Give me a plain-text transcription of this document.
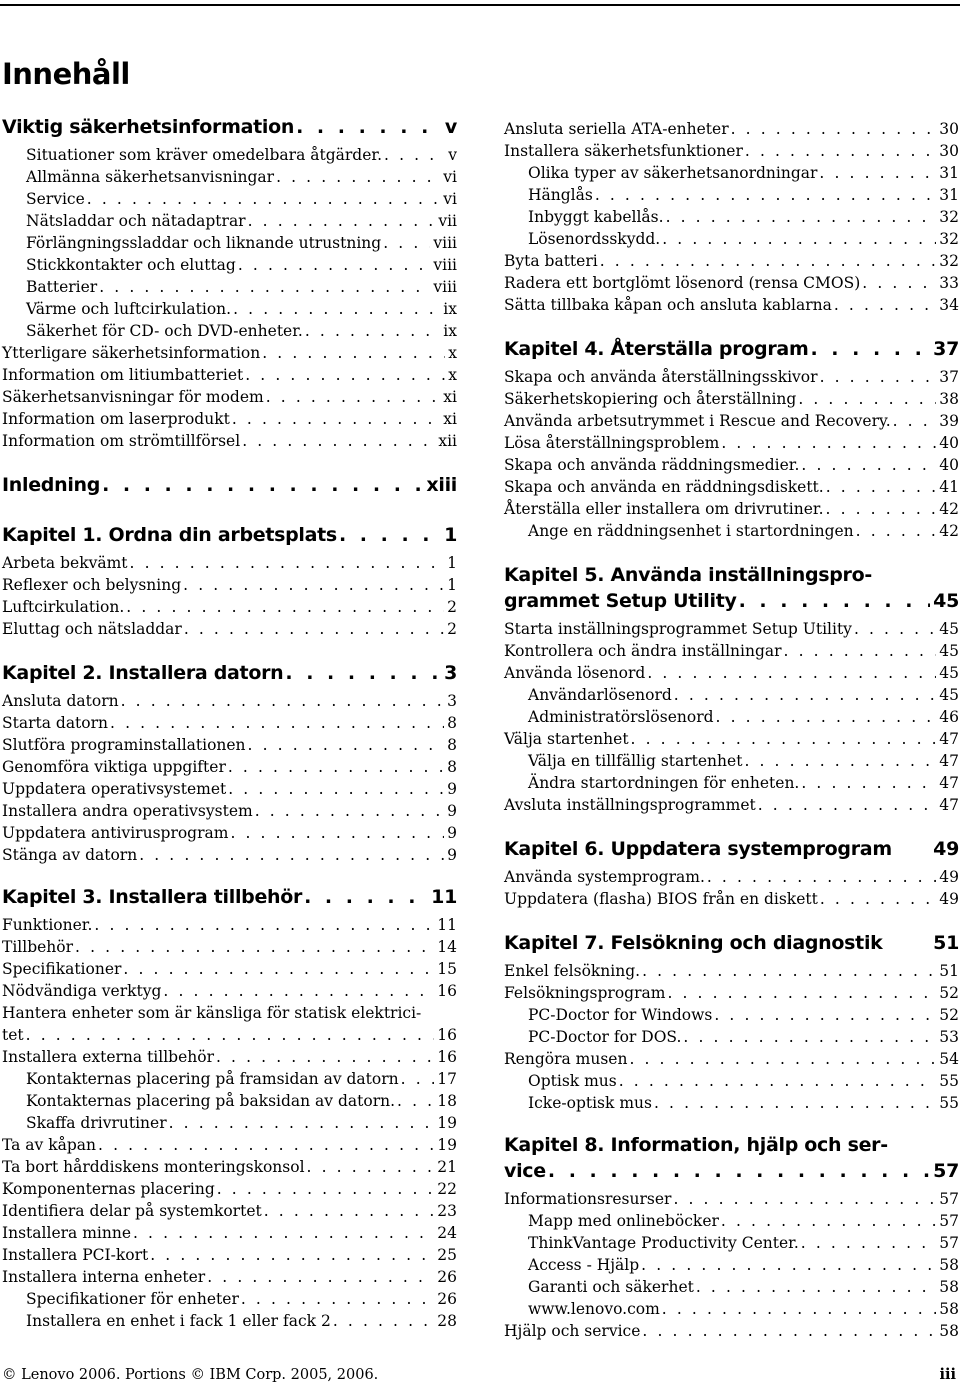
Innehåll
Viktig säkerhetsinformation . . .	v
Situationer som kräver omedelbara åtgärder. . . .	v
Allmänna säkerhetsanvisningar . . .	vi
Service . . .	vi
Nätsladdar och nätadaptrar . . .	vii
Förlängningssladdar och liknande utrustning . . .	viii
Stickkontakter och eluttag . . .	viii
Batterier . . .	viii
Värme och luftcirkulation. . . .	ix
Säkerhet för CD- och DVD-enheter. . . .	ix
Ytterligare säkerhetsinformation . . .	x
Information om litiumbatteriet . . .	x
Säkerhetsanvisningar för modem . . .	xi
Information om laserprodukt . . .	xi
Information om strömtillförsel . . .	xii
Inledning . . .	xiii
Kapitel 1. Ordna din arbetsplats . . .	1
Arbeta bekvämt . . .	1
Reflexer och belysning . . .	1
Luftcirkulation. . . .	2
Eluttag och nätsladdar . . .	2
Kapitel 2. Installera datorn . . .	3
Ansluta datorn . . .	3
Starta datorn . . .	8
Slutföra programinstallationen . . .	8
Genomföra viktiga uppgifter . . .	8
Uppdatera operativsystemet . . .	9
Installera andra operativsystem . . .	9
Uppdatera antivirusprogram . . .	9
Stänga av datorn . . .	9
Kapitel 3. Installera tillbehör . . .	11
Funktioner. . . .	11
Tillbehör . . .	14
Specifikationer . . .	15
Nödvändiga verktyg . . .	16
Hantera enheter som är känsliga för statisk elektrici-
tet . . .	16
Installera externa tillbehör . . .	16
Kontakternas placering på framsidan av datorn . . . 17
Kontakternas placering på baksidan av datorn. . . .	18
Skaffa drivrutiner . . .	19
Ta av kåpan . . .	19
Ta bort hårddiskens monteringskonsol . . .	21
Komponenternas placering . . .	22
Identifiera delar på systemkortet . . .	23
Installera minne . . .	24
Installera PCI-kort . . .	25
Installera interna enheter . . .	26
Specifikationer för enheter . . .	26
Installera en enhet i fack 1 eller fack 2 . . .	28
Ansluta seriella ATA-enheter . . .	30
Installera säkerhetsfunktioner . . .	30
Olika typer av säkerhetsanordningar . . .	31
Hänglås . . .	31
Inbyggt kabellås. . . .	32
Lösenordsskydd. . . .	32
Byta batteri . . .	32
Radera ett bortglömt lösenord (rensa CMOS) . . .	33
Sätta tillbaka kåpan och ansluta kablarna . . .	34
Kapitel 4. Återställa program . . .	37
Skapa och använda återställningsskivor . . .	37
Säkerhetskopiering och återställning . . .	38
Använda arbetsutrymmet i Rescue and Recovery. . . .	39
Lösa återställningsproblem . . .	40
Skapa och använda räddningsmedier. . . .	40
Skapa och använda en räddningsdiskett. . . .	41
Återställa eller installera om drivrutiner. . . .	42
Ange en räddningsenhet i startordningen . . .	42
Kapitel 5. Använda inställningspro-
grammet Setup Utility . . .	45
Starta inställningsprogrammet Setup Utility . . .	45
Kontrollera och ändra inställningar . . .	45
Använda lösenord . . .	45
Användarlösenord . . .	45
Administratörslösenord . . .	46
Välja startenhet . . .	47
Välja en tillfällig startenhet . . .	47
Ändra startordningen för enheten. . . .	47
Avsluta inställningsprogrammet . . .	47
Kapitel 6. Uppdatera systemprogram 49
Använda systemprogram. . . .	49
Uppdatera (flasha) BIOS från en diskett . . .	49
Kapitel 7. Felsökning och diagnostik	51
Enkel felsökning. . . .	51
Felsökningsprogram . . .	52
PC-Doctor for Windows . . .	52
PC-Doctor for DOS. . . .	53
Rengöra musen . . .	54
Optisk mus . . .	55
Icke-optisk mus . . .	55
Kapitel 8. Information, hjälp och ser-
vice . . .	57
Informationsresurser . . .	57
Mapp med onlineböcker . . .	57
ThinkVantage Productivity Center. . . .	57
Access - Hjälp . . .	58
Garanti och säkerhet . . .	58
www.lenovo.com . . .	58
Hjälp och service . . .	58
© Lenovo 2006. Portions © IBM Corp. 2005, 2006.	iii
